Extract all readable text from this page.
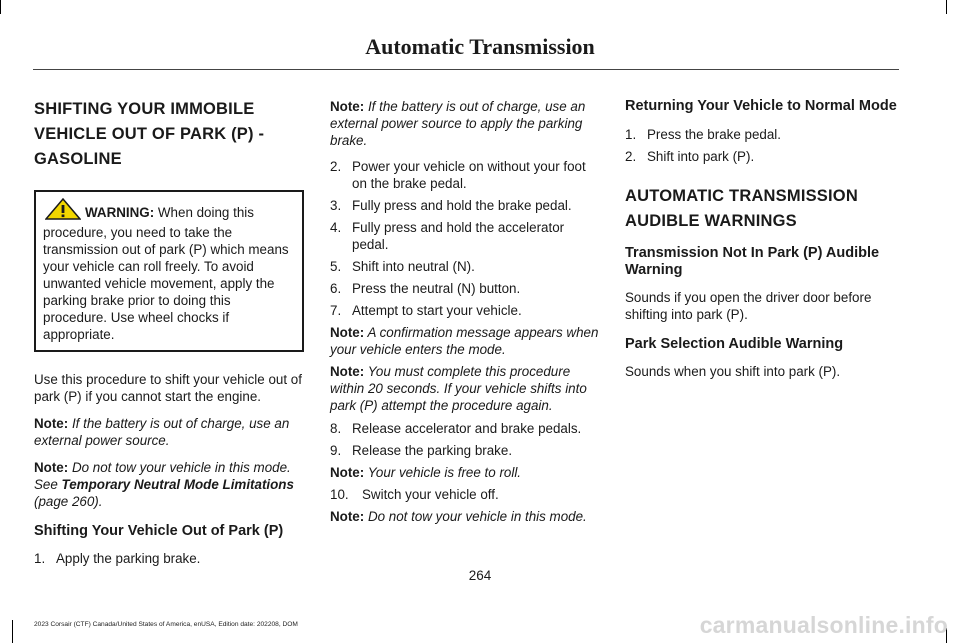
Automatic Transmission
SHIFTING YOUR IMMOBILE
VEHICLE OUT OF PARK (P) -
GASOLINE
WARNING: When doing this procedure, you need to take the transmission out of park (P) which means your vehicle can roll freely. To avoid unwanted vehicle movement, apply the parking brake prior to doing this procedure. Use wheel chocks if appropriate.

Use this procedure to shift your vehicle out of park (P) if you cannot start the engine.

Note: If the battery is out of charge, use an external power source.

Note: Do not tow your vehicle in this mode. See Temporary Neutral Mode Limitations (page 260).

Shifting Your Vehicle Out of Park (P)
1. Apply the parking brake.

Note: If the battery is out of charge, use an external power source to apply the parking brake.

2. Power your vehicle on without your foot on the brake pedal.
3. Fully press and hold the brake pedal.
4. Fully press and hold the accelerator pedal.
5. Shift into neutral (N).
6. Press the neutral (N) button.
7. Attempt to start your vehicle.

Note: A confirmation message appears when your vehicle enters the mode.

Note: You must complete this procedure within 20 seconds. If your vehicle shifts into park (P) attempt the procedure again.

8. Release accelerator and brake pedals.
9. Release the parking brake.

Note: Your vehicle is free to roll.

10. Switch your vehicle off.

Note: Do not tow your vehicle in this mode.

Returning Your Vehicle to Normal Mode
1. Press the brake pedal.
2. Shift into park (P).
AUTOMATIC TRANSMISSION
AUDIBLE WARNINGS
Transmission Not In Park (P) Audible Warning

Sounds if you open the driver door before shifting into park (P).

Park Selection Audible Warning

Sounds when you shift into park (P).

264
2023 Corsair (CTF) Canada/United States of America, enUSA, Edition date: 202208, DOM	carmanualsonline.info
